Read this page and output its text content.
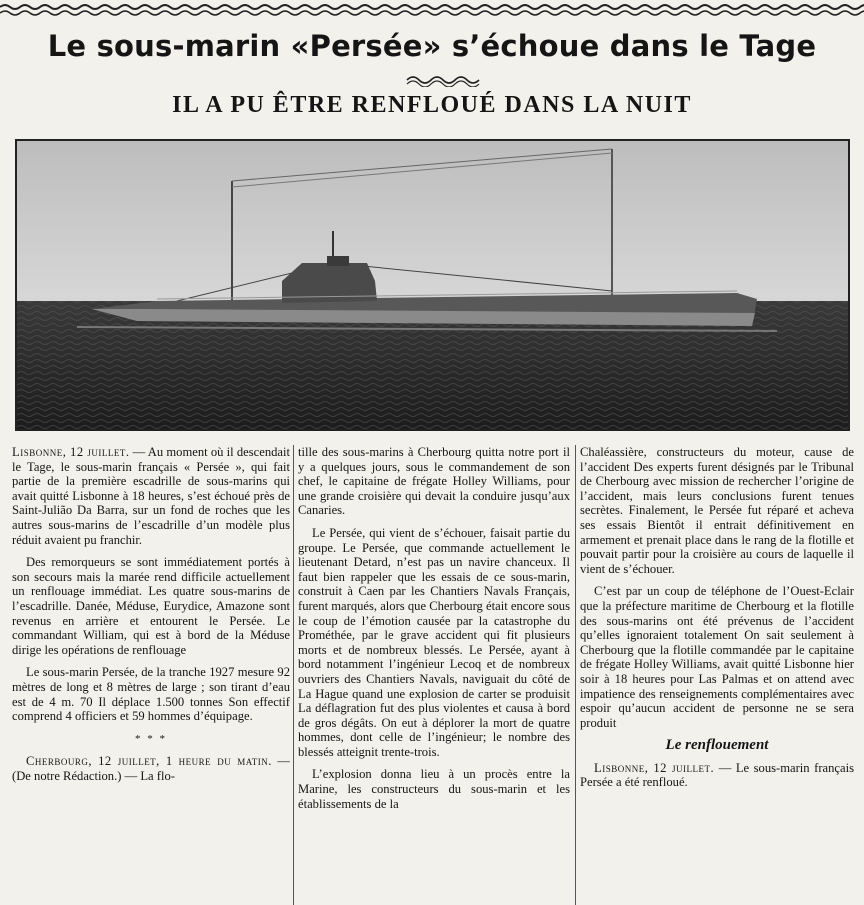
Le sous-marin «Persée» s’échoue dans le Tage
IL A PU ÊTRE RENFLOUÉ DANS LA NUIT

Lisbonne, 12 juillet. — Au moment où il descendait le Tage, le sous-marin français « Persée », qui fait partie de la première escadrille de sous-marins qui avait quitté Lisbonne à 18 heures, s’est échoué près de Saint-Julião Da Barra, sur un fond de roches que les autres sous-marins de l’escadrille d’un modèle plus réduit avaient pu franchir.

Des remorqueurs se sont immédiatement portés à son secours mais la marée rend difficile actuellement un renflouage immédiat. Les quatre sous-marins de l’escadrille. Danée, Méduse, Eurydice, Amazone sont revenus en arrière et entourent le Persée. Le commandant William, qui est à bord de la Méduse dirige les opérations de renflouage

Le sous-marin Persée, de la tranche 1927 mesure 92 mètres de long et 8 mètres de large ; son tirant d’eau est de 4 m. 70 Il déplace 1.500 tonnes Son effectif comprend 4 officiers et 59 hommes d’équipage.

* * *

Cherbourg, 12 juillet, 1 heure du matin. — (De notre Rédaction.) — La flo-

tille des sous-marins à Cherbourg quitta notre port il y a quelques jours, sous le commandement de son chef, le capitaine de frégate Holley Williams, pour une grande croisière qui devait la conduire jusqu’aux Canaries.

Le Persée, qui vient de s’échouer, faisait partie du groupe. Le Persée, que commande actuellement le lieutenant Detard, n’est pas un navire chanceux. Il faut bien rappeler que les essais de ce sous-marin, construit à Caen par les Chantiers Navals Français, furent marqués, alors que Cherbourg était encore sous le coup de l’émotion causée par la catastrophe du Prométhée, par le grave accident qui fit plusieurs morts et de nombreux blessés. Le Persée, ayant à bord notamment l’ingénieur Lecoq et de nombreux ouvriers des Chantiers Navals, naviguait du côté de La Hague quand une explosion de carter se produisit La déflagration fut des plus violentes et causa à bord de gros dégâts. On eut à déplorer la mort de quatre hommes, dont celle de l’ingénieur; le nombre des blessés atteignit trente-trois.

L’explosion donna lieu à un procès entre la Marine, les constructeurs du sous-marin et les établissements de la

Chaléassière, constructeurs du moteur, cause de l’accident Des experts furent désignés par le Tribunal de Cherbourg avec mission de rechercher l’origine de l’accident, mais leurs conclusions furent tenues secrètes. Finalement, le Persée fut réparé et acheva ses essais Bientôt il entrait définitivement en armement et prenait place dans le rang de la flotille et pouvait partir pour la croisière au cours de laquelle il vient de s’échouer.

C’est par un coup de téléphone de l’Ouest-Eclair que la préfecture maritime de Cherbourg et la flotille des sous-marins ont été prévenus de l’accident qu’elles ignoraient totalement On sait seulement à Cherbourg que la flotille commandée par le capitaine de frégate Holley Williams, avait quitté Lisbonne hier soir à 18 heures pour Las Palmas et on attend avec impatience des renseignements complémentaires avec espoir qu’aucun accident de personne ne se sera produit

Le renflouement

Lisbonne, 12 juillet. — Le sous-marin français Persée a été renfloué.
